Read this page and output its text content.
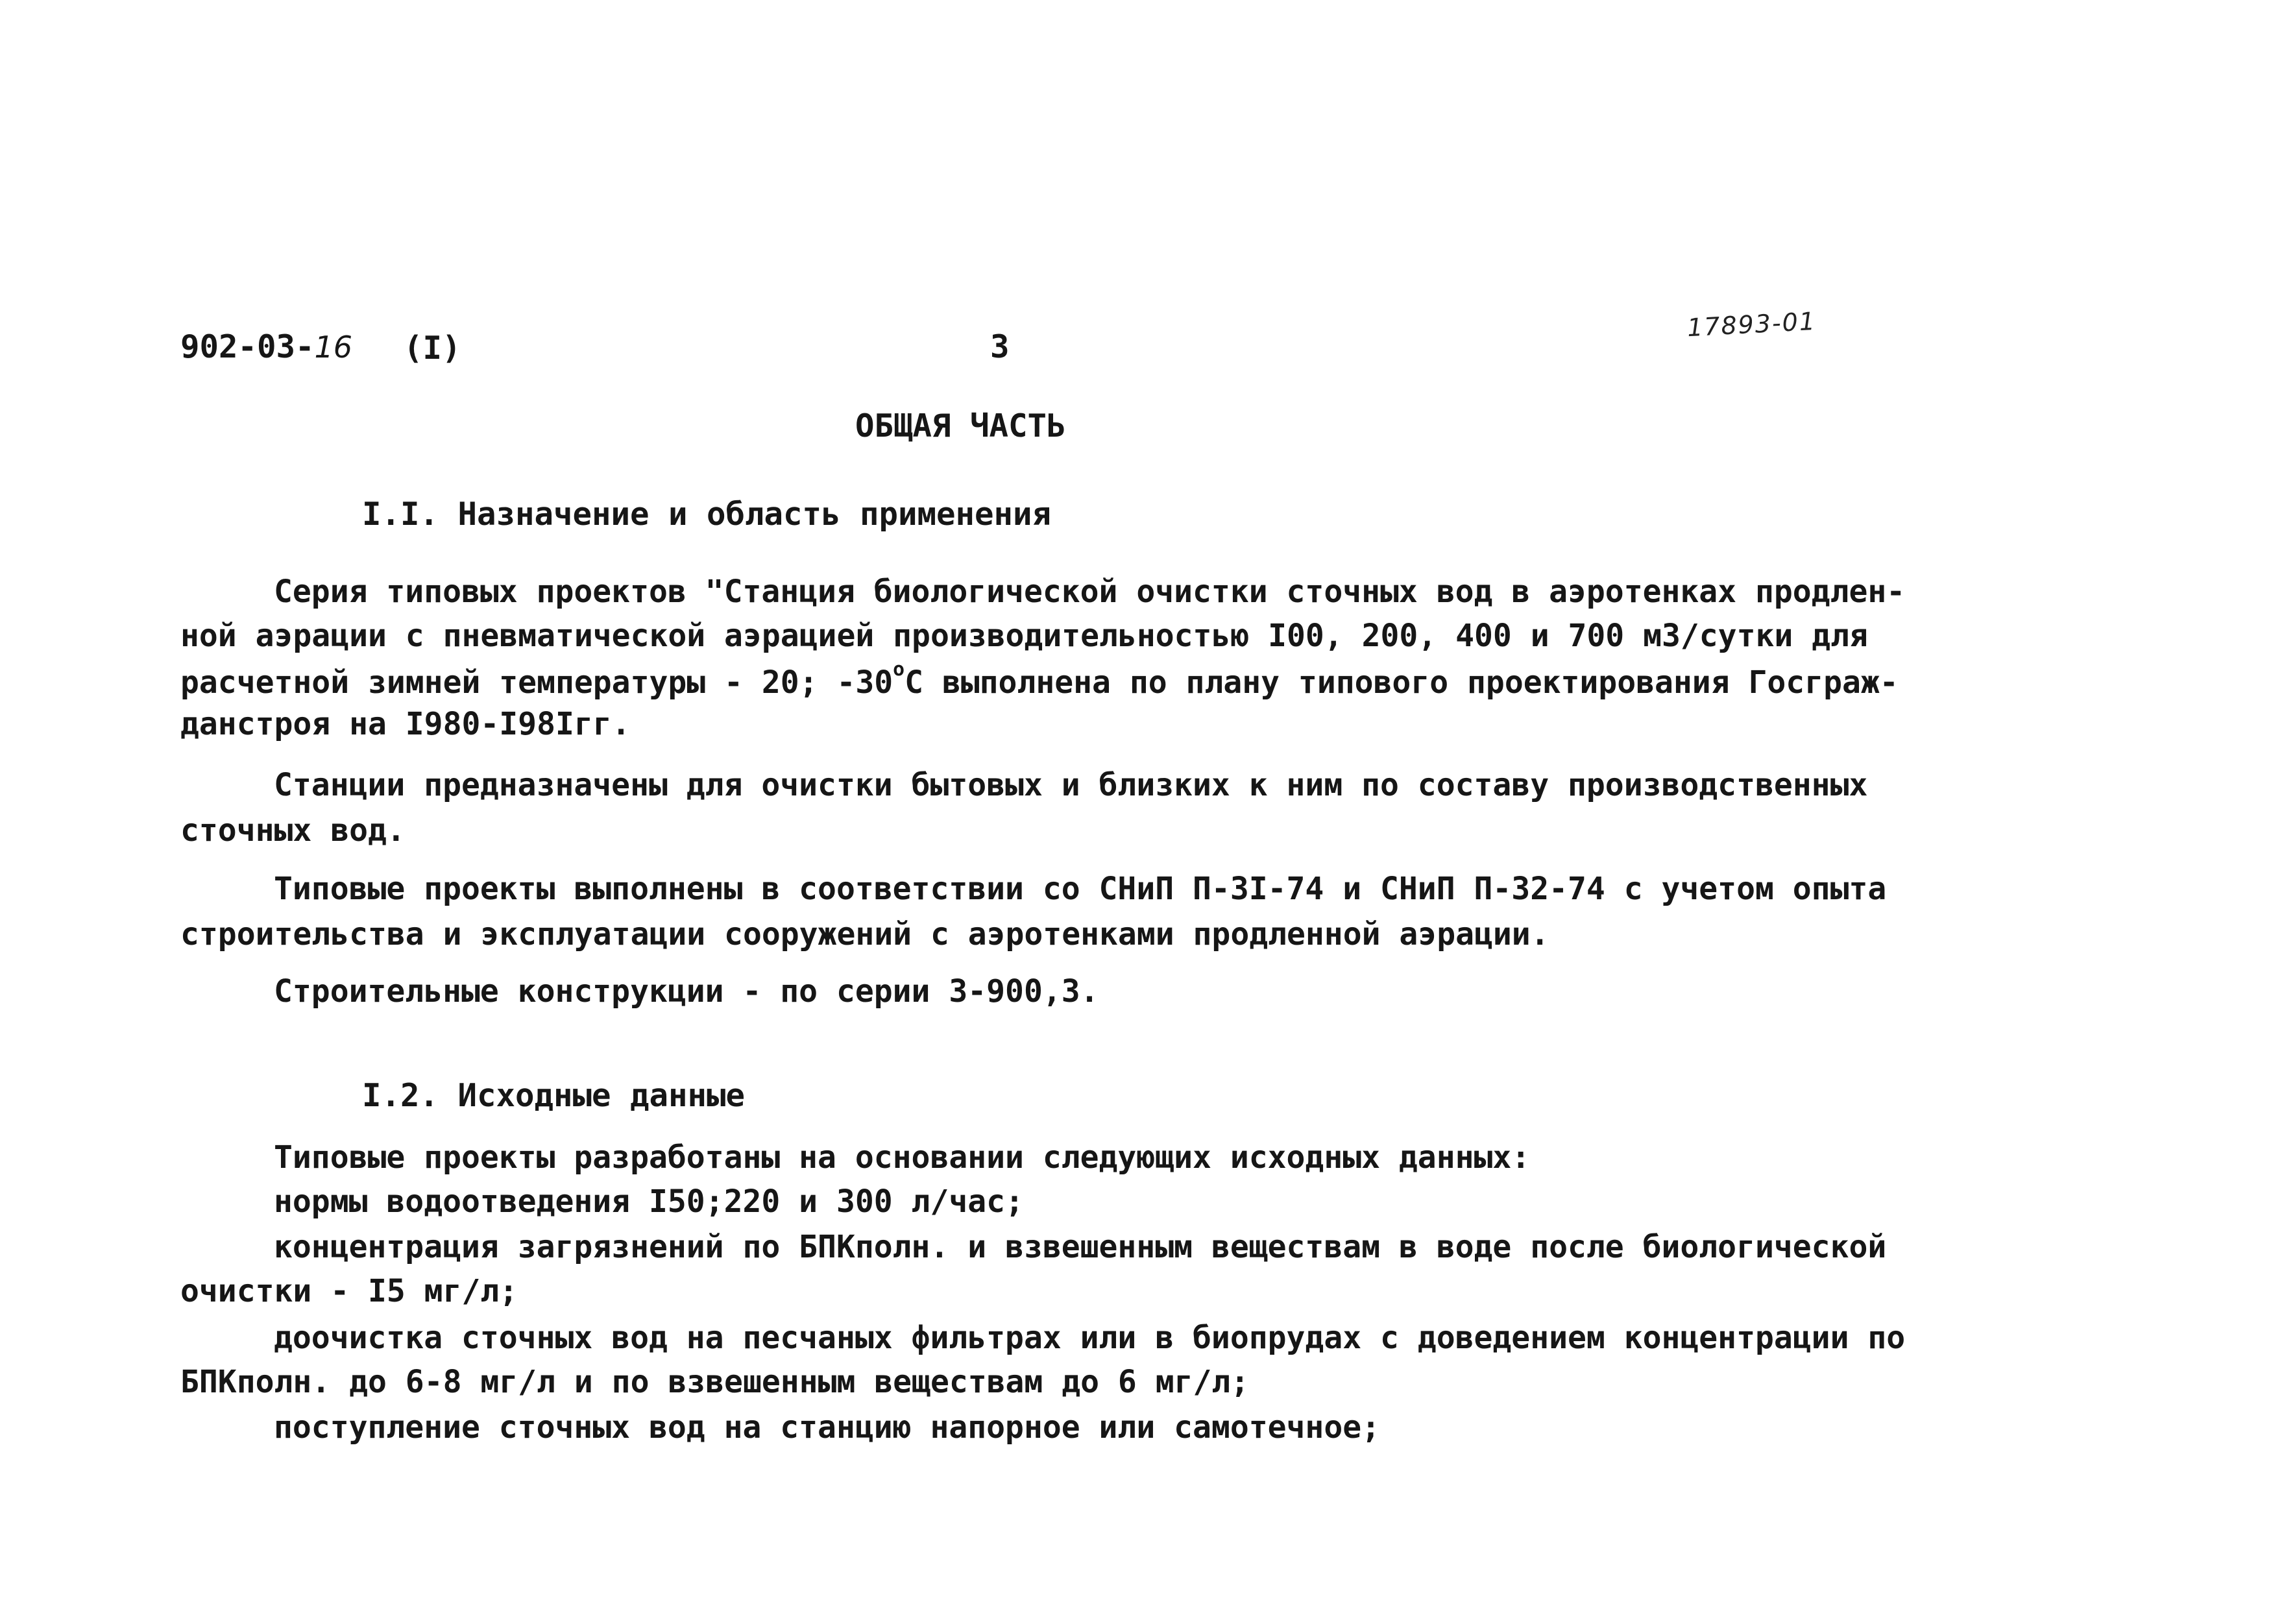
902-03-16 (I)	3
17893-01
ОБЩАЯ ЧАСТЬ
I.I. Назначение и область применения
Серия типовых проектов "Станция биологической очистки сточных вод в аэротенках продлен-
ной аэрации с пневматической аэрацией производительностью I00, 200, 400 и 700 м3/сутки для
расчетной зимней температуры - 20; $-30^оС$ выполнена по плану типового проектирования Госграж-
данстроя на I980-I98Iгг.
Станции предназначены для очистки бытовых и близких к ним по составу производственных
сточных вод.
Типовые проекты выполнены в соответствии со СНиП П-3I-74 и СНиП П-32-74 с учетом опыта
строительства и эксплуатации сооружений с аэротенками продленной аэрации.
Строительные конструкции - по серии 3-900,3.
I.2. Исходные данные
Типовые проекты разработаны на основании следующих исходных данных:
нормы водоотведения I50;220 и 300 л/час;
концентрация загрязнений по БПКполн. и взвешенным веществам в воде после биологической
очистки - I5 мг/л;
доочистка сточных вод на песчаных фильтрах или в биопрудах с доведением концентрации по
БПКполн. до 6-8 мг/л и по взвешенным веществам до 6 мг/л;
поступление сточных вод на станцию напорное или самотечное;
